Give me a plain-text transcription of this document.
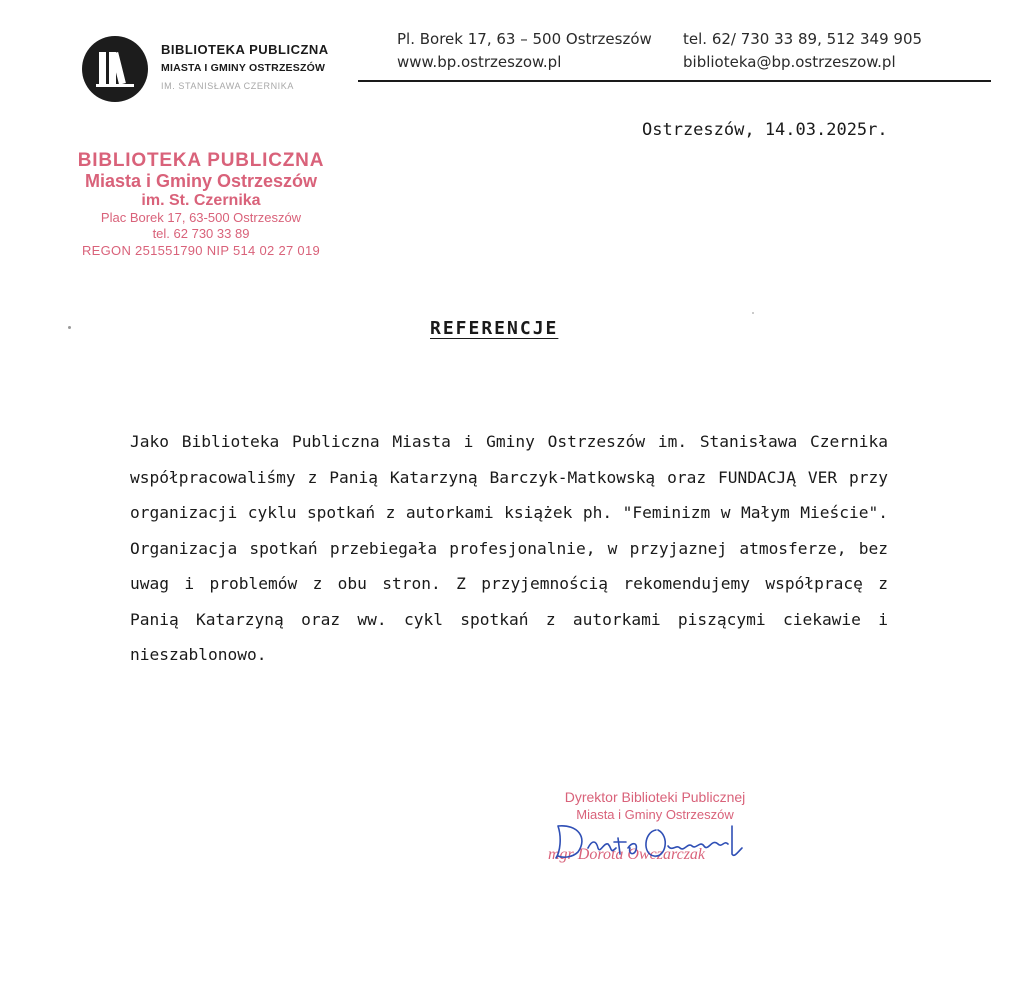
BIBLIOTEKA PUBLICZNA
MIASTA I GMINY OSTRZESZÓW
IM. STANISŁAWA CZERNIKA
Pl. Borek 17, 63 – 500 Ostrzeszów
www.bp.ostrzeszow.pl
tel. 62/ 730 33 89, 512 349 905
biblioteka@bp.ostrzeszow.pl
Ostrzeszów, 14.03.2025r.
BIBLIOTEKA PUBLICZNA
Miasta i Gminy Ostrzeszów
im. St. Czernika
Plac Borek 17, 63-500 Ostrzeszów
tel. 62 730 33 89
REGON 251551790 NIP 514 02 27 019
REFERENCJE

Jako Biblioteka Publiczna Miasta i Gminy Ostrzeszów im. Stanisława Czernika współpracowaliśmy z Panią Katarzyną Barczyk-Matkowską oraz FUNDACJĄ VER przy organizacji cyklu spotkań z autorkami książek ph. "Feminizm w Małym Mieście". Organizacja spotkań przebiegała profesjonalnie, w przyjaznej atmosferze, bez uwag i problemów z obu stron. Z przyjemnością rekomendujemy współpracę z Panią Katarzyną oraz ww. cykl spotkań z autorkami piszącymi ciekawie i nieszablonowo.

Dyrektor Biblioteki Publicznej
Miasta i Gminy Ostrzeszów
mgr Dorota Owczarczak
